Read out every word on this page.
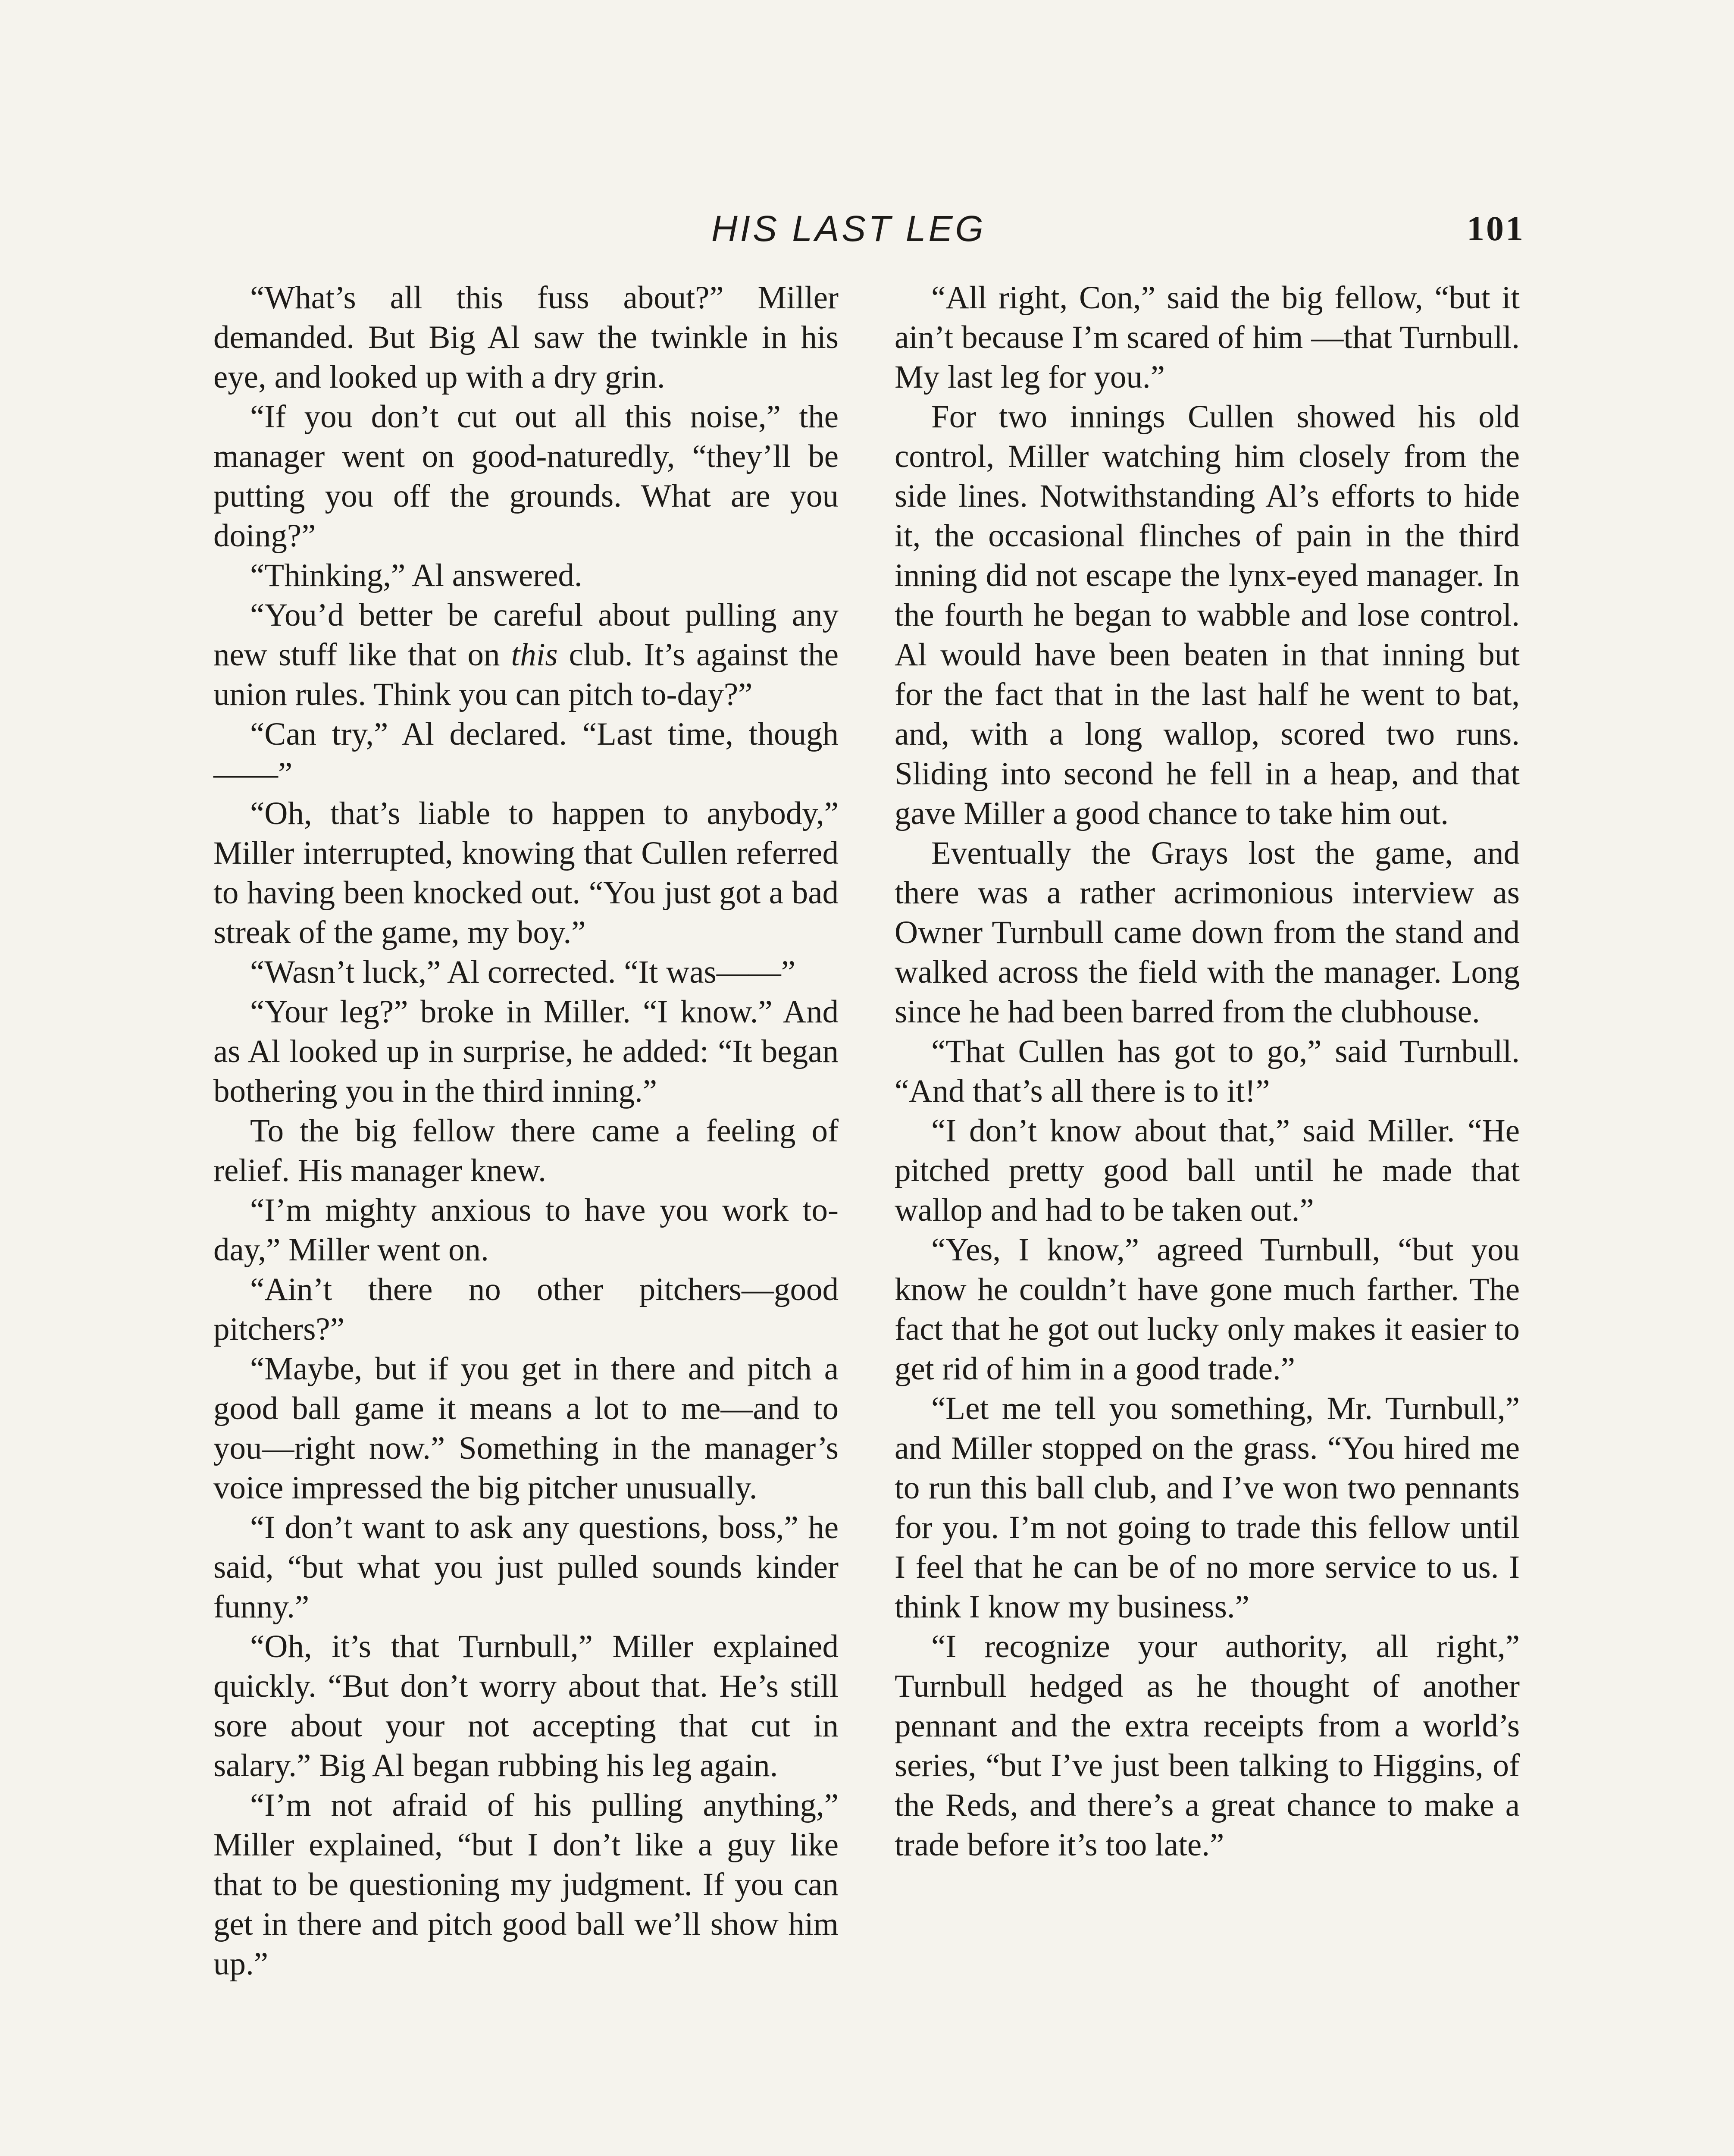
HIS LAST LEG	101

“What’s all this fuss about?” Miller demanded. But Big Al saw the twinkle in his eye, and looked up with a dry grin.

“If you don’t cut out all this noise,” the manager went on good-naturedly, “they’ll be putting you off the grounds. What are you doing?”

“Thinking,” Al answered.

“You’d better be careful about pulling any new stuff like that on this club. It’s against the union rules. Think you can pitch to-day?”

“Can try,” Al declared. “Last time, though——”

“Oh, that’s liable to happen to anybody,” Miller interrupted, knowing that Cullen referred to having been knocked out. “You just got a bad streak of the game, my boy.”

“Wasn’t luck,” Al corrected. “It was——”

“Your leg?” broke in Miller. “I know.” And as Al looked up in surprise, he added: “It began bothering you in the third inning.”

To the big fellow there came a feeling of relief. His manager knew.

“I’m mighty anxious to have you work to-day,” Miller went on.

“Ain’t there no other pitchers—good pitchers?”

“Maybe, but if you get in there and pitch a good ball game it means a lot to me—and to you—right now.” Something in the manager’s voice impressed the big pitcher unusually.

“I don’t want to ask any questions, boss,” he said, “but what you just pulled sounds kinder funny.”

“Oh, it’s that Turnbull,” Miller explained quickly. “But don’t worry about that. He’s still sore about your not accepting that cut in salary.” Big Al began rubbing his leg again.

“I’m not afraid of his pulling anything,” Miller explained, “but I don’t like a guy like that to be questioning my judgment. If you can get in there and pitch good ball we’ll show him up.”

“All right, Con,” said the big fellow, “but it ain’t because I’m scared of him —that Turnbull. My last leg for you.”

For two innings Cullen showed his old control, Miller watching him closely from the side lines. Notwithstanding Al’s efforts to hide it, the occasional flinches of pain in the third inning did not escape the lynx-eyed manager. In the fourth he began to wabble and lose control. Al would have been beaten in that inning but for the fact that in the last half he went to bat, and, with a long wallop, scored two runs. Sliding into second he fell in a heap, and that gave Miller a good chance to take him out.

Eventually the Grays lost the game, and there was a rather acrimonious interview as Owner Turnbull came down from the stand and walked across the field with the manager. Long since he had been barred from the clubhouse.

“That Cullen has got to go,” said Turnbull. “And that’s all there is to it!”

“I don’t know about that,” said Miller. “He pitched pretty good ball until he made that wallop and had to be taken out.”

“Yes, I know,” agreed Turnbull, “but you know he couldn’t have gone much farther. The fact that he got out lucky only makes it easier to get rid of him in a good trade.”

“Let me tell you something, Mr. Turnbull,” and Miller stopped on the grass. “You hired me to run this ball club, and I’ve won two pennants for you. I’m not going to trade this fellow until I feel that he can be of no more service to us. I think I know my business.”

“I recognize your authority, all right,” Turnbull hedged as he thought of another pennant and the extra receipts from a world’s series, “but I’ve just been talking to Higgins, of the Reds, and there’s a great chance to make a trade before it’s too late.”
